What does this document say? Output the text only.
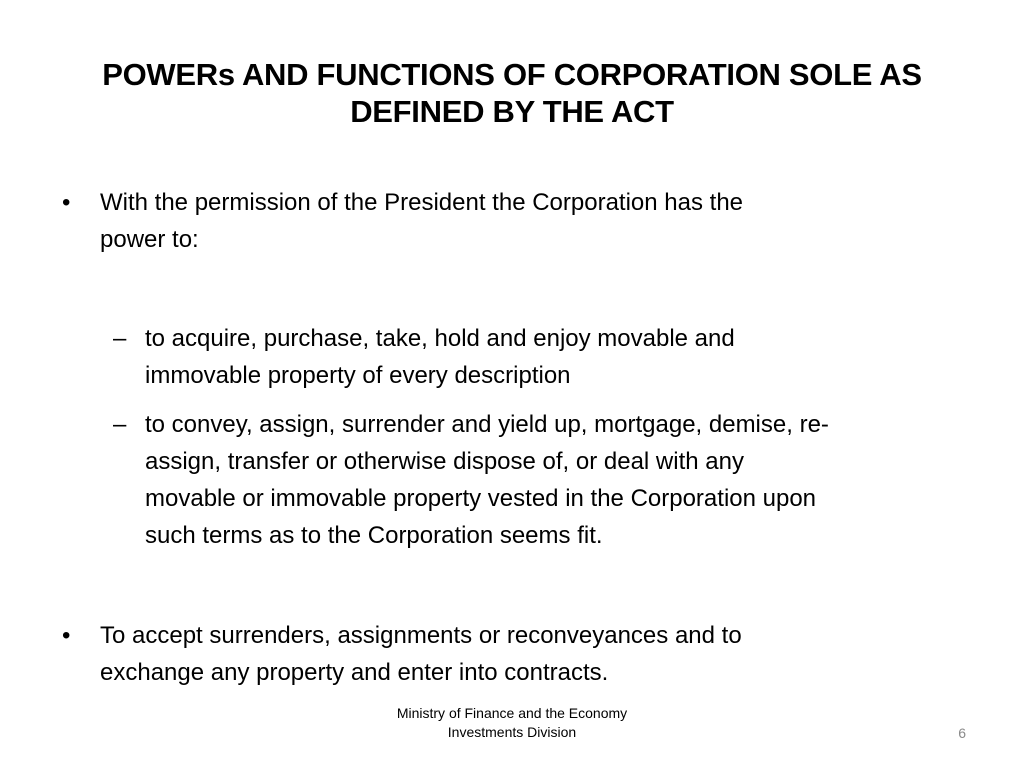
POWERs AND FUNCTIONS OF CORPORATION SOLE AS
DEFINED BY THE ACT
• With the permission of the President the Corporation has the
power to:
– to acquire, purchase, take, hold and enjoy movable and
immovable property of every description
– to convey, assign, surrender and yield up, mortgage, demise, re-
assign, transfer or otherwise dispose of, or deal with any
movable or immovable property vested in the Corporation upon
such terms as to the Corporation seems fit.
• To accept surrenders, assignments or reconveyances and to
exchange any property and enter into contracts.
Ministry of Finance and the Economy
Investments Division	6
